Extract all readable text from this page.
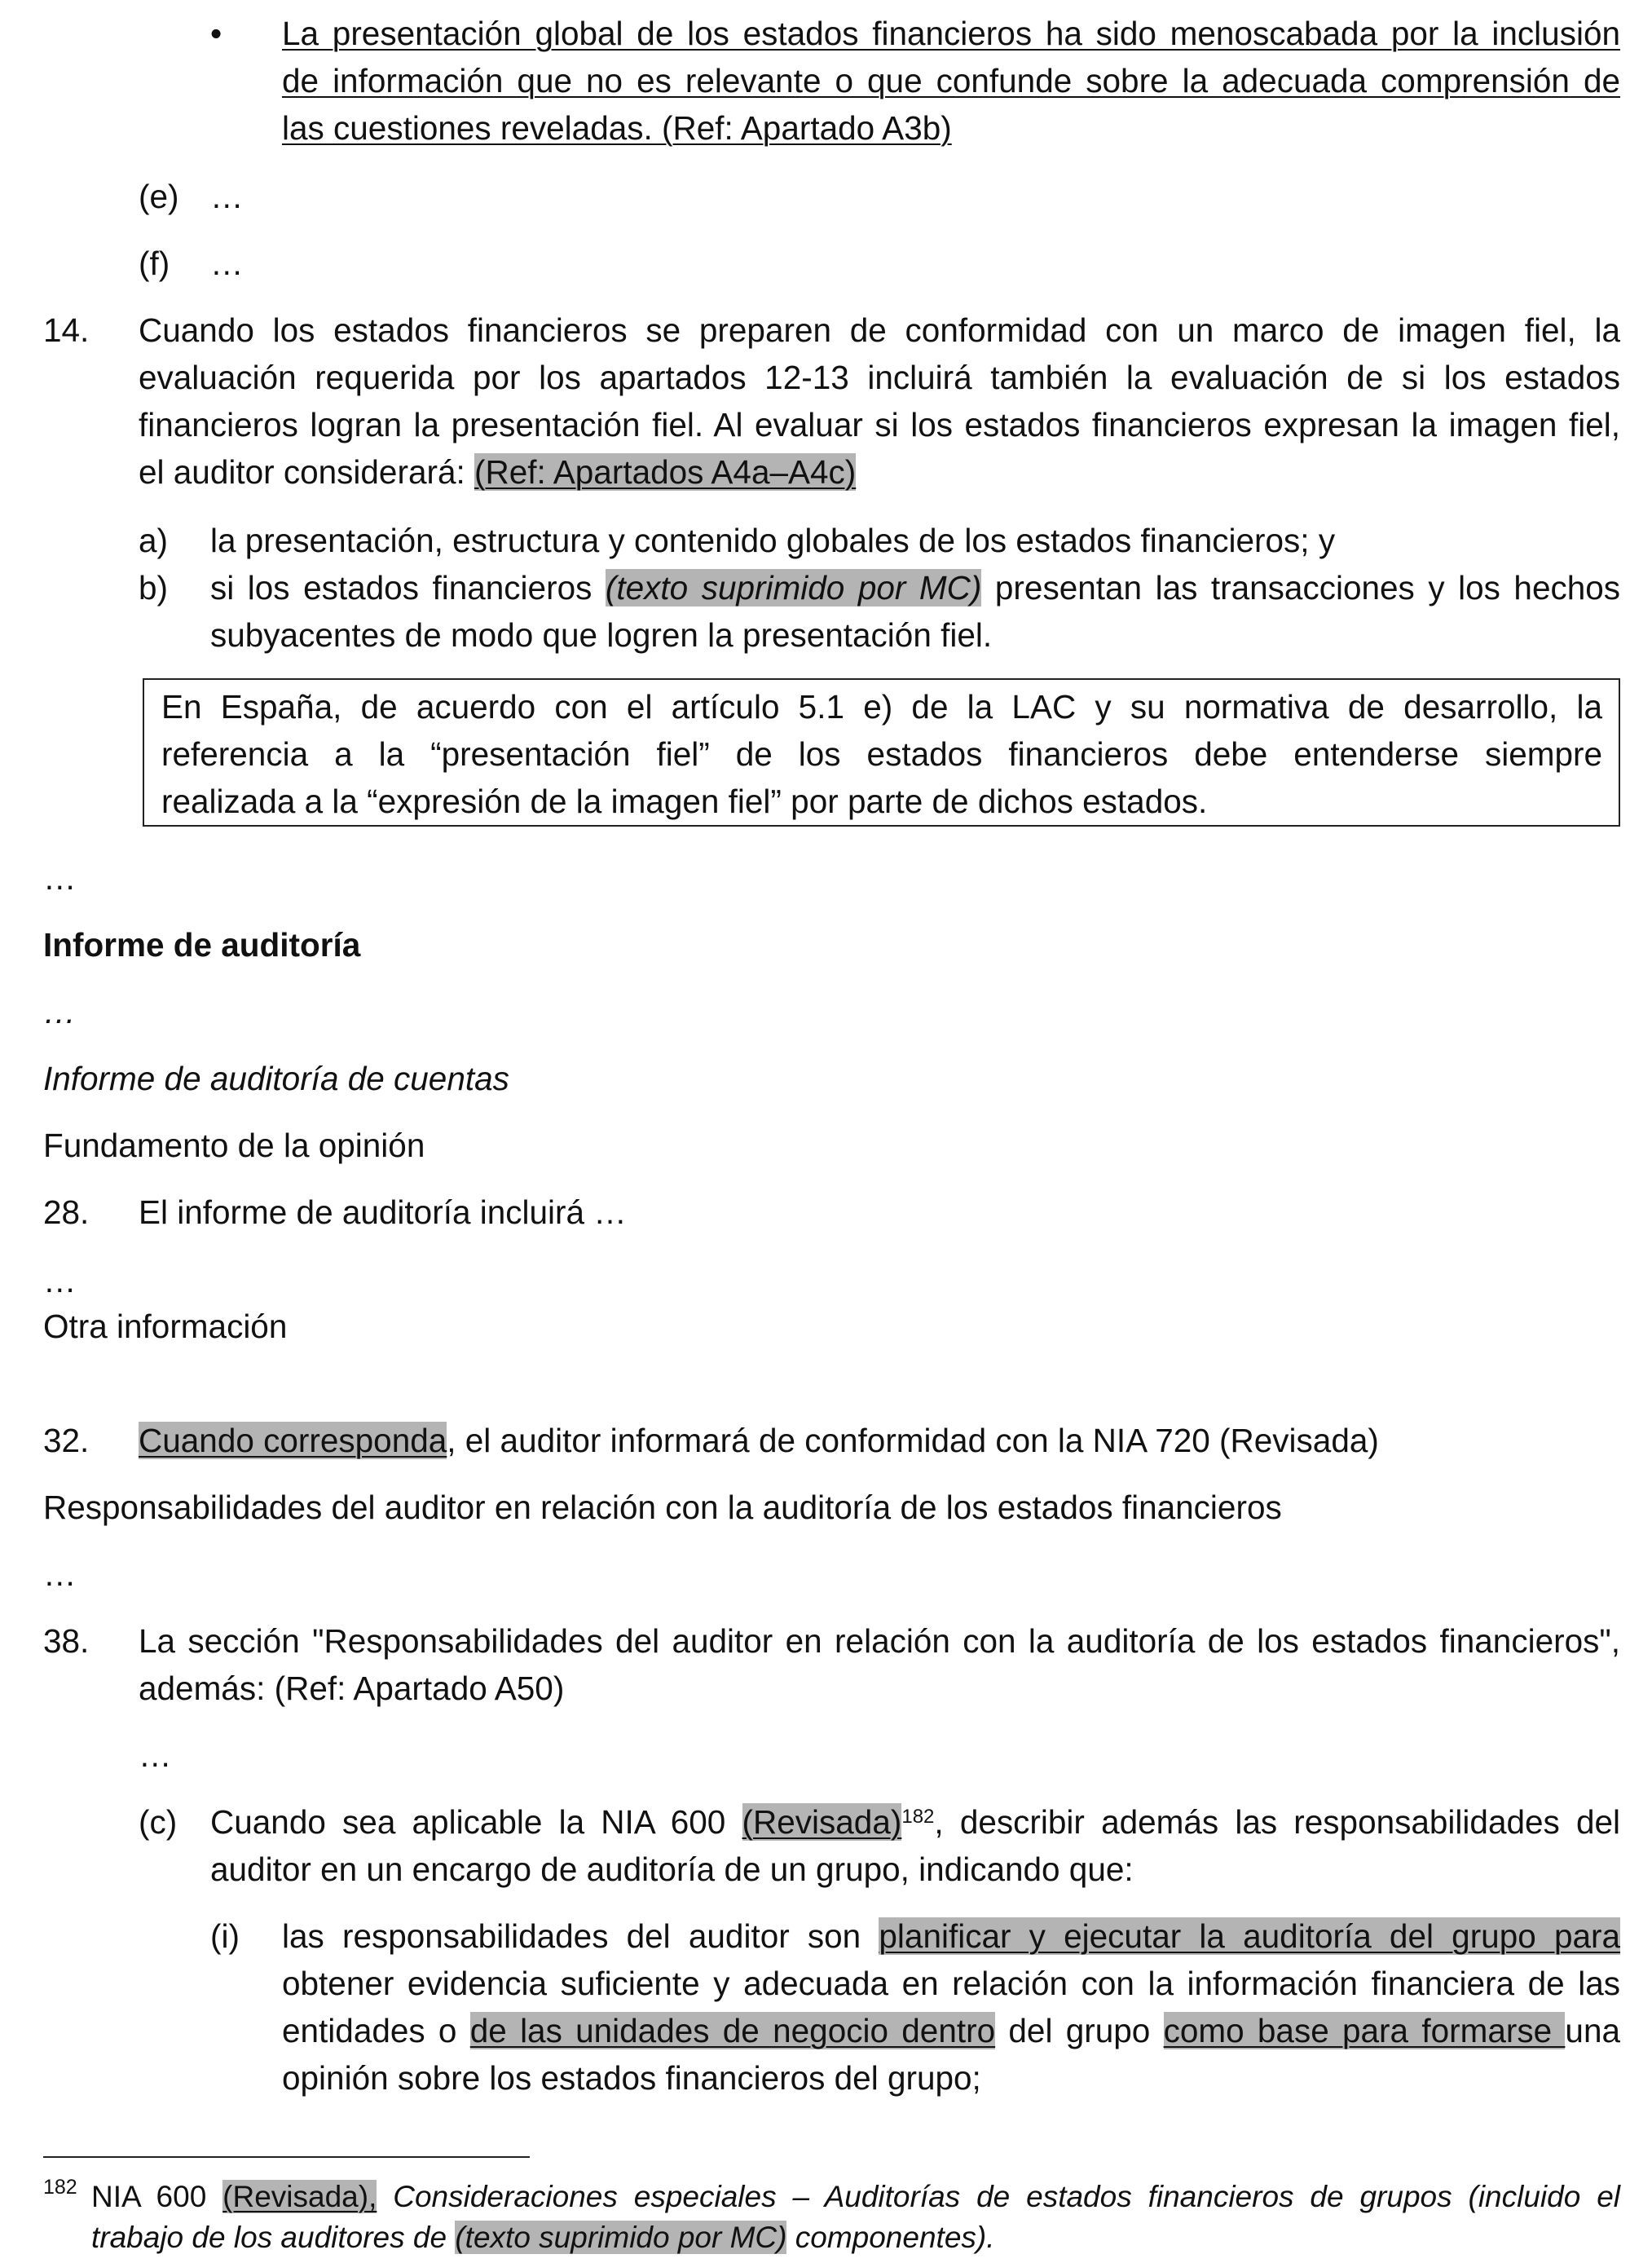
• La presentación global de los estados financieros ha sido menoscabada por la inclusión
de información que no es relevante o que confunde sobre la adecuada comprensión de
las cuestiones reveladas. (Ref: Apartado A3b)
(e) …
(f) …
14. Cuando los estados financieros se preparen de conformidad con un marco de imagen fiel, la
evaluación requerida por los apartados 12-13 incluirá también la evaluación de si los estados
financieros logran la presentación fiel. Al evaluar si los estados financieros expresan la imagen fiel,
el auditor considerará: (Ref: Apartados A4a–A4c)
a) la presentación, estructura y contenido globales de los estados financieros; y
b) si los estados financieros (texto suprimido por MC) presentan las transacciones y los hechos
subyacentes de modo que logren la presentación fiel.
En España, de acuerdo con el artículo 5.1 e) de la LAC y su normativa de desarrollo, la
referencia a la “presentación fiel” de los estados financieros debe entenderse siempre
realizada a la “expresión de la imagen fiel” por parte de dichos estados.
…
Informe de auditoría
…
Informe de auditoría de cuentas
Fundamento de la opinión
28. El informe de auditoría incluirá …
…
Otra información
32. Cuando corresponda, el auditor informará de conformidad con la NIA 720 (Revisada)
Responsabilidades del auditor en relación con la auditoría de los estados financieros
…
38. La sección "Responsabilidades del auditor en relación con la auditoría de los estados financieros",
además: (Ref: Apartado A50)
…
(c) Cuando sea aplicable la NIA 600 (Revisada)$^{182}$, describir además las responsabilidades del
auditor en un encargo de auditoría de un grupo, indicando que:
(i) las responsabilidades del auditor son planificar y ejecutar la auditoría del grupo para
obtener evidencia suficiente y adecuada en relación con la información financiera de las
entidades o de las unidades de negocio dentro del grupo como base para formarse una
opinión sobre los estados financieros del grupo;
182 NIA 600 (Revisada), Consideraciones especiales – Auditorías de estados financieros de grupos (incluido el
trabajo de los auditores de (texto suprimido por MC) componentes).
